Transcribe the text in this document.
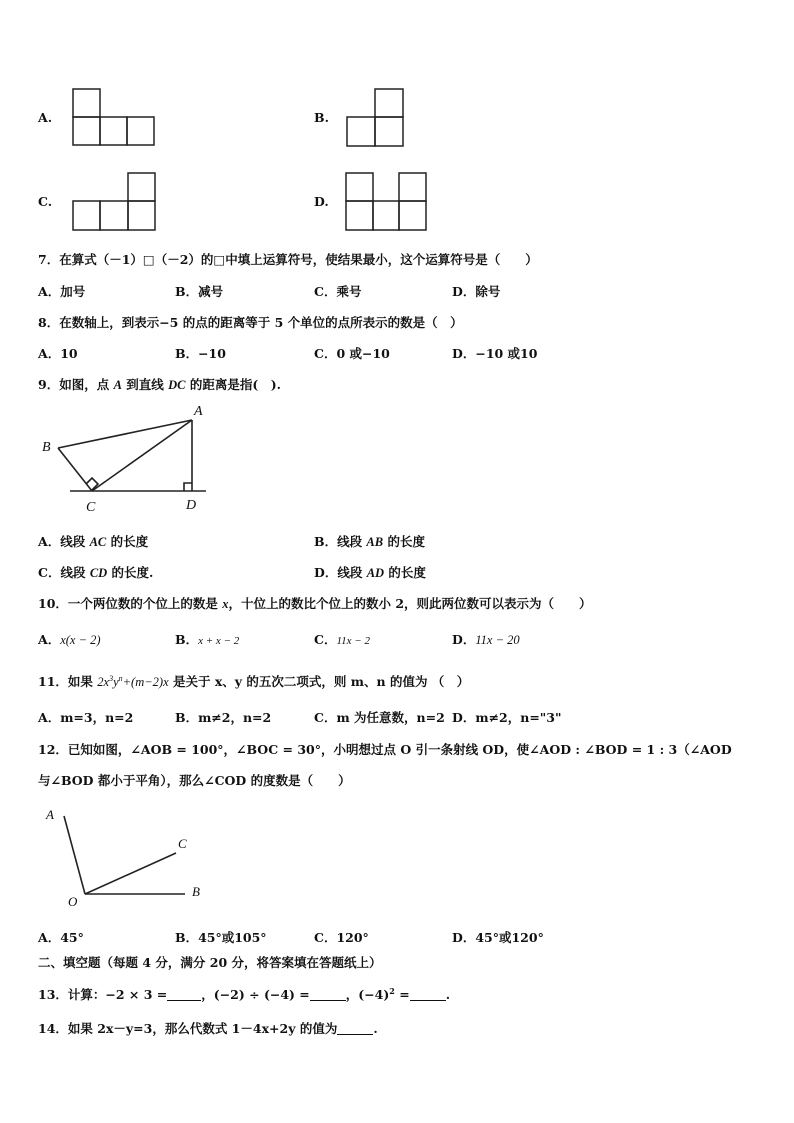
A.	B.
C.	D.
7．在算式（－1）□（－2）的□中填上运算符号，使结果最小，这个运算符号是（　　）
A．加号	B．减号	C．乘号	D．除号
8．在数轴上，到表示−5 的点的距离等于 5 个单位的点所表示的数是（　）
A．10	B．−10	C．0 或−10	D．−10 或10
9．如图，点 A 到直线 DC 的距离是指(　).
A
B
C	D
A．线段 AC 的长度	B．线段 AB 的长度
C．线段 CD 的长度.	D．线段 AD 的长度
10．一个两位数的个位上的数是 x，十位上的数比个位上的数小 2，则此两位数可以表示为（　　）
A．x(x − 2)	B．x + x − 2	C．11x − 2	D．11x − 20
11．如果 $2x^3y^n+(m-2)x$ 是关于 x、y 的五次二项式，则 m、n 的值为 （　）
A．m=3，n=2	B．m≠2，n=2	C．m 为任意数，n=2 D．m≠2，n="3"
12．已知如图，∠AOB = 100°，∠BOC = 30°，小明想过点 O 引一条射线 OD，使∠AOD : ∠BOD = 1 : 3（∠AOD
与∠BOD 都小于平角），那么∠COD 的度数是（　　）
A
C
B
O
A．45°	B．45°或105°	C．120°	D．45°或120°
二、填空题（每题 4 分，满分 20 分，将答案填在答题纸上）
13．计算：−2 × 3 =	，(−2) ÷ (−4) =	，$(-4)^2$ =	.
14．如果 2x－y=3，那么代数式 1－4x+2y 的值为	.
